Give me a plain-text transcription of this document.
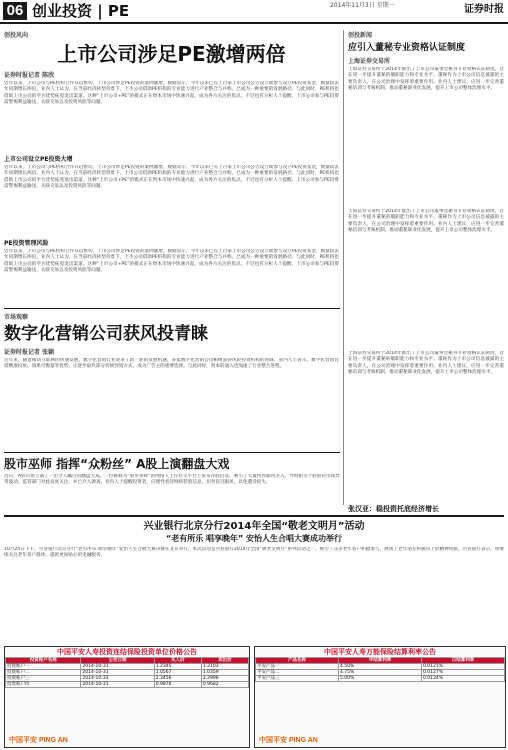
06 创业投资 | PE	2014年11月3日 星期一	证券时报
创投风向
上市公司涉足PE激增两倍
证券时报记者 陈欣
近年以来，上市公司与PE机构合作日趋密切，上市公司涉足PE投资的案例激增。数据显示，今年以来已有上百家上市公司公告设立或参与设立PE投资基金，数量较去年同期增长两倍。业内人士认为，在当前经济转型背景下，上市公司借助PE机构的专业能力进行产业整合与并购，已成为一种重要的发展路径。与此同时，PE机构也借助上市公司的平台优势拓宽退出渠道。这种“上市公司+PE”的模式正在资本市场中快速兴起，成为各方关注的焦点。不过也有分析人士提醒，上市公司参与PE投资需警惕利益输送、关联交易以及投资风险等问题。
上市公司设立PE投资大增
近年以来，上市公司与PE机构合作日趋密切，上市公司涉足PE投资的案例激增。数据显示，今年以来已有上百家上市公司公告设立或参与设立PE投资基金，数量较去年同期增长两倍。业内人士认为，在当前经济转型背景下，上市公司借助PE机构的专业能力进行产业整合与并购，已成为一种重要的发展路径。与此同时，PE机构也借助上市公司的平台优势拓宽退出渠道。这种“上市公司+PE”的模式正在资本市场中快速兴起，成为各方关注的焦点。不过也有分析人士提醒，上市公司参与PE投资需警惕利益输送、关联交易以及投资风险等问题。
PE投资管理风险
近年以来，上市公司与PE机构合作日趋密切，上市公司涉足PE投资的案例激增。数据显示，今年以来已有上百家上市公司公告设立或参与设立PE投资基金，数量较去年同期增长两倍。业内人士认为，在当前经济转型背景下，上市公司借助PE机构的专业能力进行产业整合与并购，已成为一种重要的发展路径。与此同时，PE机构也借助上市公司的平台优势拓宽退出渠道。这种“上市公司+PE”的模式正在资本市场中快速兴起，成为各方关注的焦点。不过也有分析人士提醒，上市公司参与PE投资需警惕利益输送、关联交易以及投资风险等问题。
创投新闻
应引入董秘专业资格认证制度
上海证券交易所
上海证券交易所于2014年推出了上市公司董事会秘书专业资格认证制度，旨在进一步提升董秘的履职能力和专业水平。董秘作为上市公司信息披露的主要负责人，在公司治理中发挥着重要作用。业内人士建议，应进一步完善董秘培训与考核机制，推动董秘职业化发展，提升上市公司整体治理水平。
上海证券交易所于2014年推出了上市公司董事会秘书专业资格认证制度，旨在进一步提升董秘的履职能力和专业水平。董秘作为上市公司信息披露的主要负责人，在公司治理中发挥着重要作用。业内人士建议，应进一步完善董秘培训与考核机制，推动董秘职业化发展，提升上市公司整体治理水平。
上海证券交易所于2014年推出了上市公司董事会秘书专业资格认证制度，旨在进一步提升董秘的履职能力和专业水平。董秘作为上市公司信息披露的主要负责人，在公司治理中发挥着重要作用。业内人士建议，应进一步完善董秘培训与考核机制，推动董秘职业化发展，提升上市公司整体治理水平。
市场观察
数字化营销公司获风投青睐
证券时报记者 张颖
近年来，随着移动互联网的快速发展，数字化营销行业迎来了新一轮的发展机遇，多家数字化营销公司相继获得风险投资机构的青睐。业内人士表示，数字化营销凭借精准投放、效果可衡量等优势，正逐步取代部分传统营销方式，成为广告主的重要选择。与此同时，资本的涌入也加速了行业整合进程。
股市巫师 指挥“众粉丝” A股上演翻盘大戏
近日，A股市场上演了一出令人瞩目的翻盘大戏。一位被称为“股市巫师”的网络人士在社交平台上发布荐股信息，吸引了大量粉丝跟风买入，导致相关个股股价出现异常波动。监管部门对此高度关注，并已介入调查。业内人士提醒投资者，应理性看待网络荐股信息，切勿盲目跟风，以免遭受损失。
张汉亚：稳投资托底经济增长
兴业银行北京分行2014年全国“敬老文明月”活动
“老有所乐 唱享晚年” 安怡人生合唱大赛成功举行
10月25日下午，兴业银行北京分行“老有所乐 唱享晚年”安怡人生合唱大赛决赛在北京举行。本次活动是兴业银行2014年全国“敬老文明月”系列活动之一，吸引了众多老年客户积极参与，展现了老年朋友积极向上的精神风貌。兴业银行表示，将继续关注老年客户群体，提供更加贴心的金融服务。
中国平安人寿投资连结保险投资单位价格公告
投资账户名称	公告日期	买入价	卖出价
投资账户一	2014-10-31	1.2345	1.2103
投资账户二	2014-10-31	1.0567	1.0359
投资账户三	2014-10-31	2.3456	2.2996
投资账户四	2014-10-31	0.9876	0.9682
中国平安 PING AN
中国平安人寿万能保险结算利率公告
产品名称	年结算利率	日结算利率
平安产品一	4.50%	0.0121%
平安产品二	4.75%	0.0127%
平安产品三	5.00%	0.0134%
中国平安 PING AN
